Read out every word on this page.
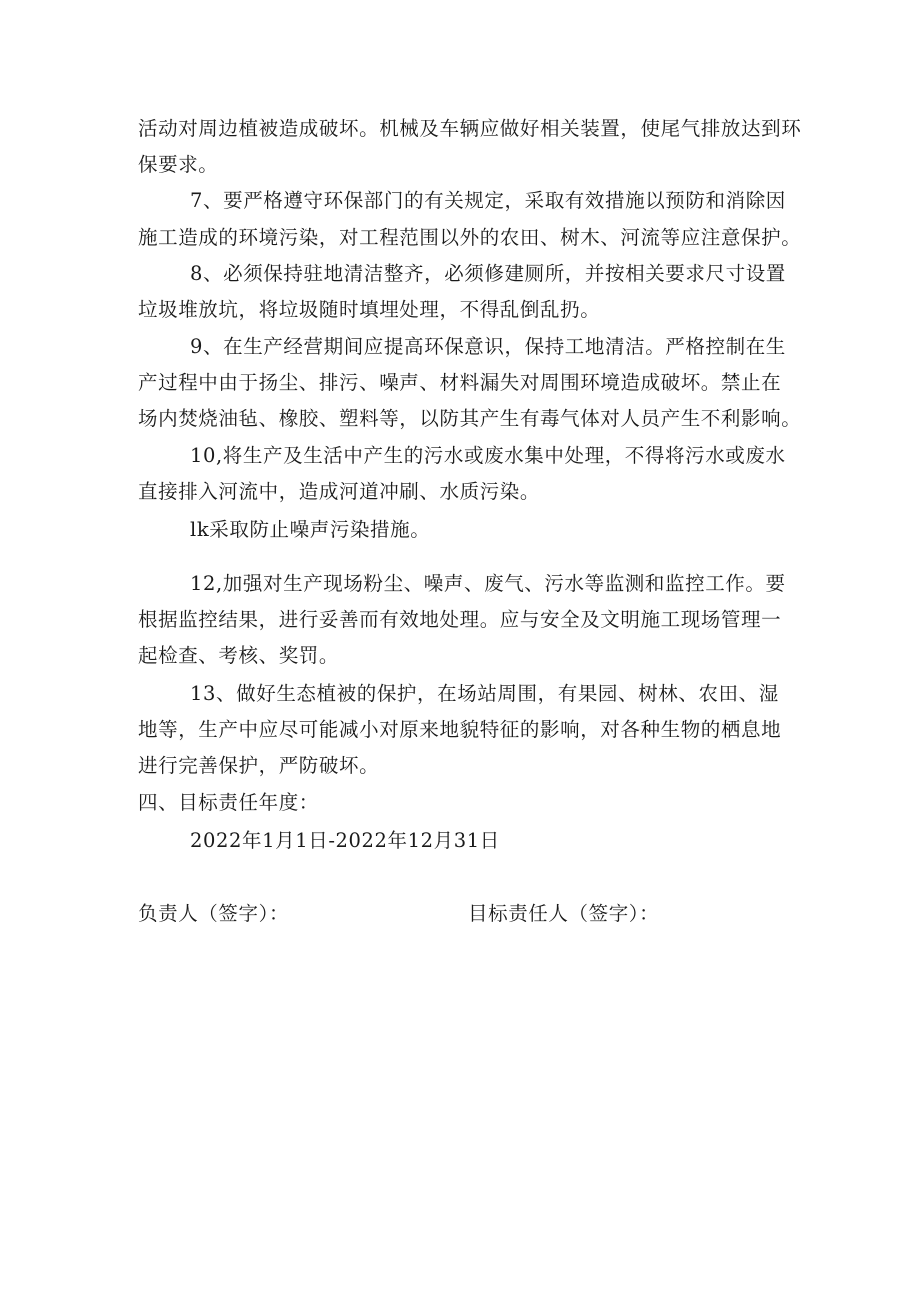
活动对周边植被造成破坏。机械及车辆应做好相关装置，使尾气排放达到环
保要求。
7、要严格遵守环保部门的有关规定，采取有效措施以预防和消除因
施工造成的环境污染，对工程范围以外的农田、树木、河流等应注意保护。
8、必须保持驻地清洁整齐，必须修建厕所，并按相关要求尺寸设置
垃圾堆放坑，将垃圾随时填埋处理，不得乱倒乱扔。
9、在生产经营期间应提高环保意识，保持工地清洁。严格控制在生
产过程中由于扬尘、排污、噪声、材料漏失对周围环境造成破坏。禁止在
场内焚烧油毡、橡胶、塑料等，以防其产生有毒气体对人员产生不利影响。
10,将生产及生活中产生的污水或废水集中处理，不得将污水或废水
直接排入河流中，造成河道冲刷、水质污染。
lk采取防止噪声污染措施。
12,加强对生产现场粉尘、噪声、废气、污水等监测和监控工作。要
根据监控结果，进行妥善而有效地处理。应与安全及文明施工现场管理一
起检查、考核、奖罚。
13、做好生态植被的保护，在场站周围，有果园、树林、农田、湿
地等，生产中应尽可能减小对原来地貌特征的影响，对各种生物的栖息地
进行完善保护，严防破坏。
四、目标责任年度：
2022年1月1日-2022年12月31日
负责人（签字）：	目标责任人（签字）：
